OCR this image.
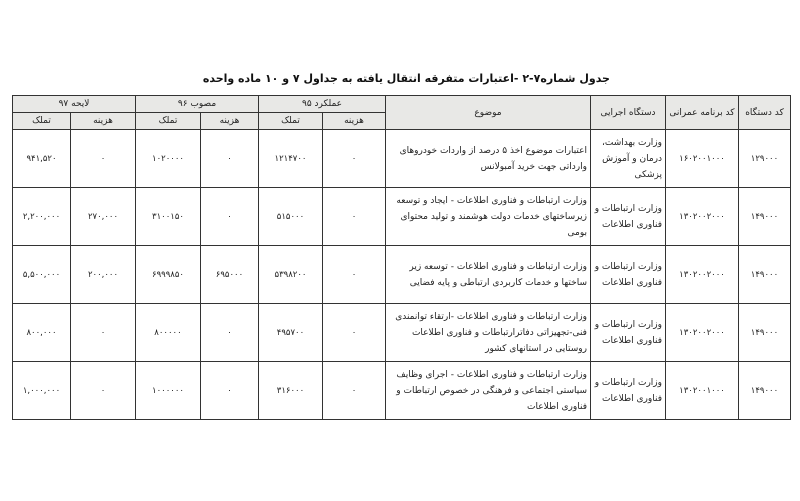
جدول شماره۷-۲ -اعتبارات متفرقه انتقال یافته به جداول ۷ و ۱۰ ماده واحده
کد دستگاه	کد برنامه عمرانی	دستگاه اجرایی	موضوع	عملکرد ۹۵		مصوب ۹۶		لایحه ۹۷	
				هزینه	تملک	هزینه	تملک	هزینه	تملک
۱۲۹۰۰۰	۱۶۰۲۰۰۱۰۰۰	وزارت بهداشت، درمان و آموزش پزشکی	اعتبارات موضوع اخذ ۵ درصد از واردات خودروهای وارداتی جهت خرید آمبولانس	۰	۱۲۱۴۷۰۰	۰	۱۰۲۰۰۰۰	۰	۹۴۱,۵۲۰
۱۴۹۰۰۰	۱۳۰۲۰۰۲۰۰۰	وزارت ارتباطات و فناوری اطلاعات	وزارت ارتباطات و فناوری اطلاعات - ایجاد و توسعه زیرساختهای خدمات دولت هوشمند و تولید محتوای بومی	۰	۵۱۵۰۰۰	۰	۳۱۰۰۱۵۰	۲۷۰,۰۰۰	۲,۲۰۰,۰۰۰
۱۴۹۰۰۰	۱۳۰۲۰۰۲۰۰۰	وزارت ارتباطات و فناوری اطلاعات	وزارت ارتباطات و فناوری اطلاعات - توسعه زیر ساختها و خدمات کاربردی ارتباطی و پایه فضایی	۰	۵۳۹۸۲۰۰	۶۹۵۰۰۰	۶۹۹۹۸۵۰	۲۰۰,۰۰۰	۵,۵۰۰,۰۰۰
۱۴۹۰۰۰	۱۳۰۲۰۰۲۰۰۰	وزارت ارتباطات و فناوری اطلاعات	وزارت ارتباطات و فناوری اطلاعات -ارتقاء توانمندی فنی-تجهیزاتی دفاترارتباطات و فناوری اطلاعات روستایی در استانهای کشور	۰	۴۹۵۷۰۰	۰	۸۰۰۰۰۰	۰	۸۰۰,۰۰۰
۱۴۹۰۰۰	۱۳۰۲۰۰۱۰۰۰	وزارت ارتباطات و فناوری اطلاعات	وزارت ارتباطات و فناوری اطلاعات - اجرای وظایف سیاستی اجتماعی و فرهنگی در خصوص ارتباطات و فناوری اطلاعات	۰	۳۱۶۰۰۰	۰	۱۰۰۰۰۰۰	۰	۱,۰۰۰,۰۰۰
